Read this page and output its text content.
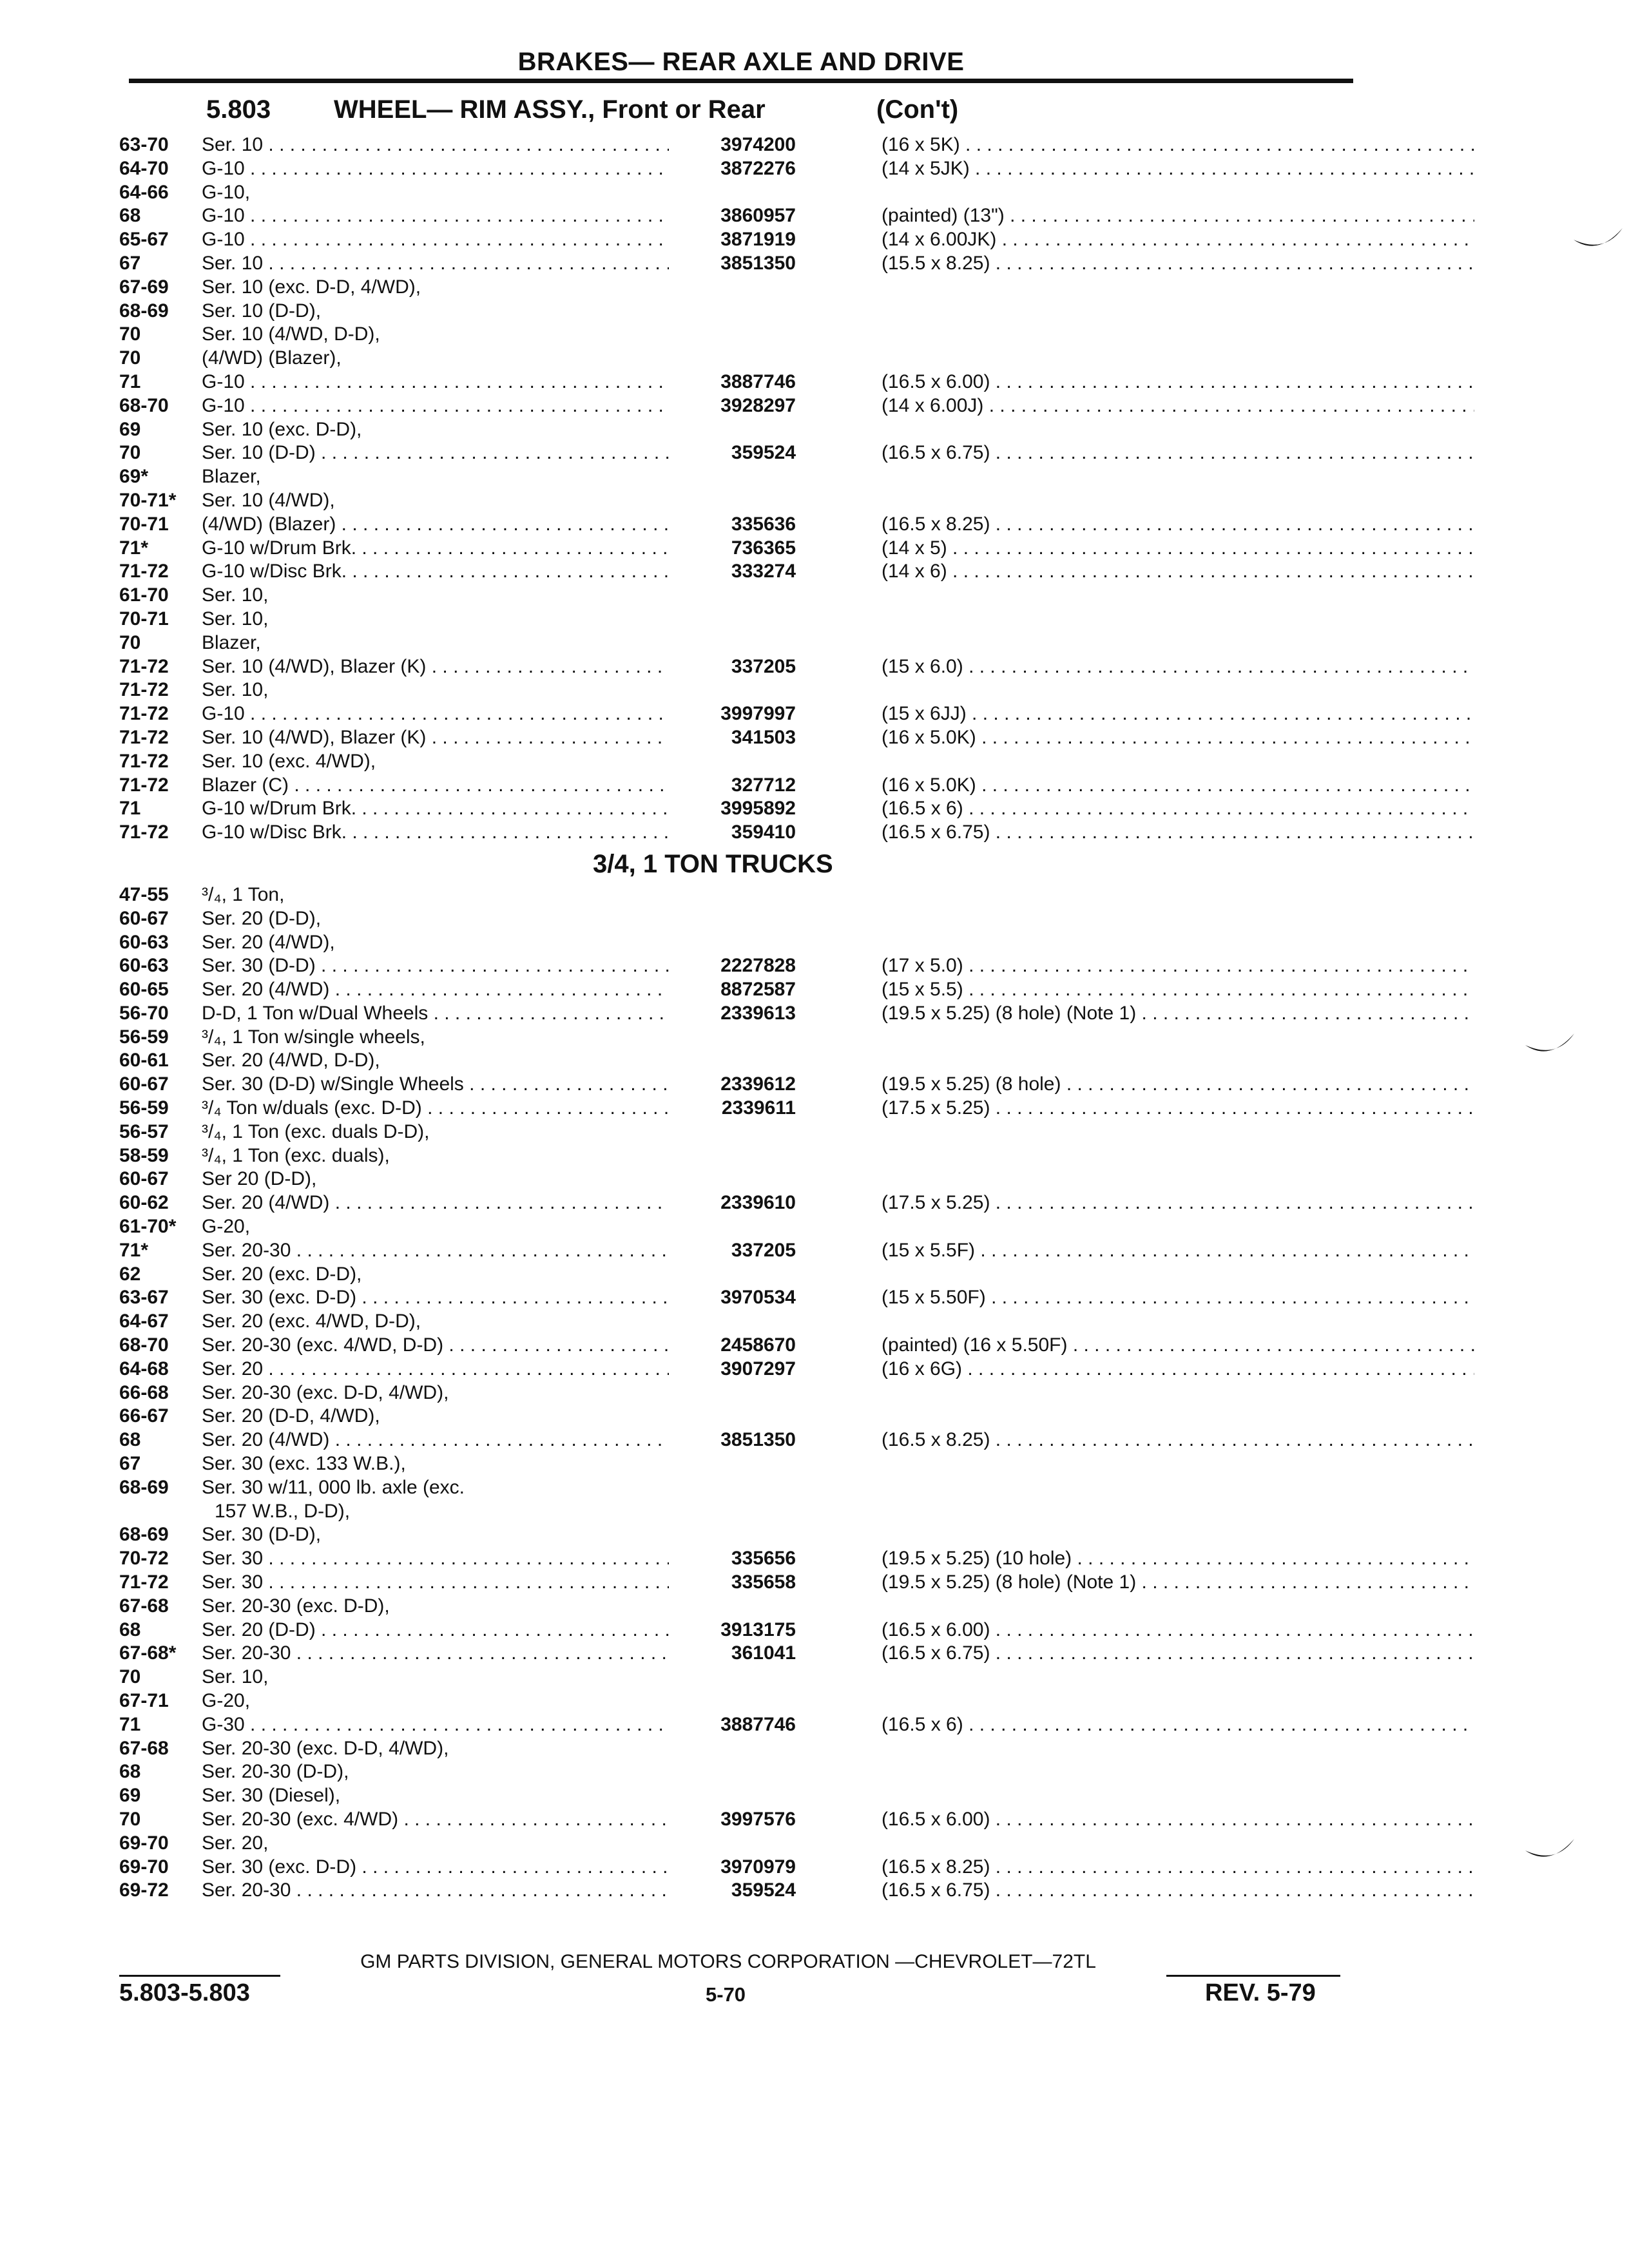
BRAKES— REAR AXLE AND DRIVE
5.803 WHEEL— RIM ASSY., Front or Rear	(Con't)
63-70	Ser. 10 . . .	3974200	(16 x 5K) . . .
64-70	G-10 . . .	3872276	(14 x 5JK) . . .
64-66	G-10,
68	G-10 . . .	3860957	(painted) (13") . . .
65-67	G-10 . . .	3871919	(14 x 6.00JK) . . .
67	Ser. 10 . . .	3851350	(15.5 x 8.25) . . .
67-69	Ser. 10 (exc. D-D, 4/WD),
68-69	Ser. 10 (D-D),
70	Ser. 10 (4/WD, D-D),
70	(4/WD) (Blazer),
71	G-10 . . .	3887746	(16.5 x 6.00) . . .
68-70	G-10 . . .	3928297	(14 x 6.00J) . . .
69	Ser. 10 (exc. D-D),
70	Ser. 10 (D-D) . . .	359524	(16.5 x 6.75) . . .
69*	Blazer,
70-71*	Ser. 10 (4/WD),
70-71	(4/WD) (Blazer) . . .	335636	(16.5 x 8.25) . . .
71*	G-10 w/Drum Brk. . . .	736365	(14 x 5) . . .
71-72	G-10 w/Disc Brk. . . .	333274	(14 x 6) . . .
61-70	Ser. 10,
70-71	Ser. 10,
70	Blazer,
71-72	Ser. 10 (4/WD), Blazer (K) . . .	337205	(15 x 6.0) . . .
71-72	Ser. 10,
71-72	G-10 . . .	3997997	(15 x 6JJ) . . .
71-72	Ser. 10 (4/WD), Blazer (K) . . .	341503	(16 x 5.0K) . . .
71-72	Ser. 10 (exc. 4/WD),
71-72	Blazer (C) . . .	327712	(16 x 5.0K) . . .
71	G-10 w/Drum Brk. . . .	3995892	(16.5 x 6) . . .
71-72	G-10 w/Disc Brk. . . .	359410	(16.5 x 6.75) . . .
3/4, 1 TON TRUCKS
47-55	³/₄, 1 Ton,
60-67	Ser. 20 (D-D),
60-63	Ser. 20 (4/WD),
60-63	Ser. 30 (D-D) . . .	2227828	(17 x 5.0) . . .
60-65	Ser. 20 (4/WD) . . .	8872587	(15 x 5.5) . . .
56-70	D-D, 1 Ton w/Dual Wheels . . .	2339613	(19.5 x 5.25) (8 hole) (Note 1) . . .
56-59	³/₄, 1 Ton w/single wheels,
60-61	Ser. 20 (4/WD, D-D),
60-67	Ser. 30 (D-D) w/Single Wheels . . .	2339612	(19.5 x 5.25) (8 hole) . . .
56-59	³/₄ Ton w/duals (exc. D-D) . . .	2339611	(17.5 x 5.25) . . .
56-57	³/₄, 1 Ton (exc. duals D-D),
58-59	³/₄, 1 Ton (exc. duals),
60-67	Ser 20 (D-D),
60-62	Ser. 20 (4/WD) . . .	2339610	(17.5 x 5.25) . . .
61-70*	G-20,
71*	Ser. 20-30 . . .	337205	(15 x 5.5F) . . .
62	Ser. 20 (exc. D-D),
63-67	Ser. 30 (exc. D-D) . . .	3970534	(15 x 5.50F) . . .
64-67	Ser. 20 (exc. 4/WD, D-D),
68-70	Ser. 20-30 (exc. 4/WD, D-D) . . .	2458670	(painted) (16 x 5.50F) . . .
64-68	Ser. 20 . . .	3907297	(16 x 6G) . . .
66-68	Ser. 20-30 (exc. D-D, 4/WD),
66-67	Ser. 20 (D-D, 4/WD),
68	Ser. 20 (4/WD) . . .	3851350	(16.5 x 8.25) . . .
67	Ser. 30 (exc. 133 W.B.),
68-69	Ser. 30 w/11, 000 lb. axle (exc.
157 W.B., D-D),
68-69	Ser. 30 (D-D),
70-72	Ser. 30 . . .	335656	(19.5 x 5.25) (10 hole) . . .
71-72	Ser. 30 . . .	335658	(19.5 x 5.25) (8 hole) (Note 1) . . .
67-68	Ser. 20-30 (exc. D-D),
68	Ser. 20 (D-D) . . .	3913175	(16.5 x 6.00) . . .
67-68*	Ser. 20-30 . . .	361041	(16.5 x 6.75) . . .
70	Ser. 10,
67-71	G-20,
71	G-30 . . .	3887746	(16.5 x 6) . . .
67-68	Ser. 20-30 (exc. D-D, 4/WD),
68	Ser. 20-30 (D-D),
69	Ser. 30 (Diesel),
70	Ser. 20-30 (exc. 4/WD) . . .	3997576	(16.5 x 6.00) . . .
69-70	Ser. 20,
69-70	Ser. 30 (exc. D-D) . . .	3970979	(16.5 x 8.25) . . .
69-72	Ser. 20-30 . . .	359524	(16.5 x 6.75) . . .
GM PARTS DIVISION, GENERAL MOTORS CORPORATION —CHEVROLET—72TL
5.803-5.803	5-70	REV. 5-79
